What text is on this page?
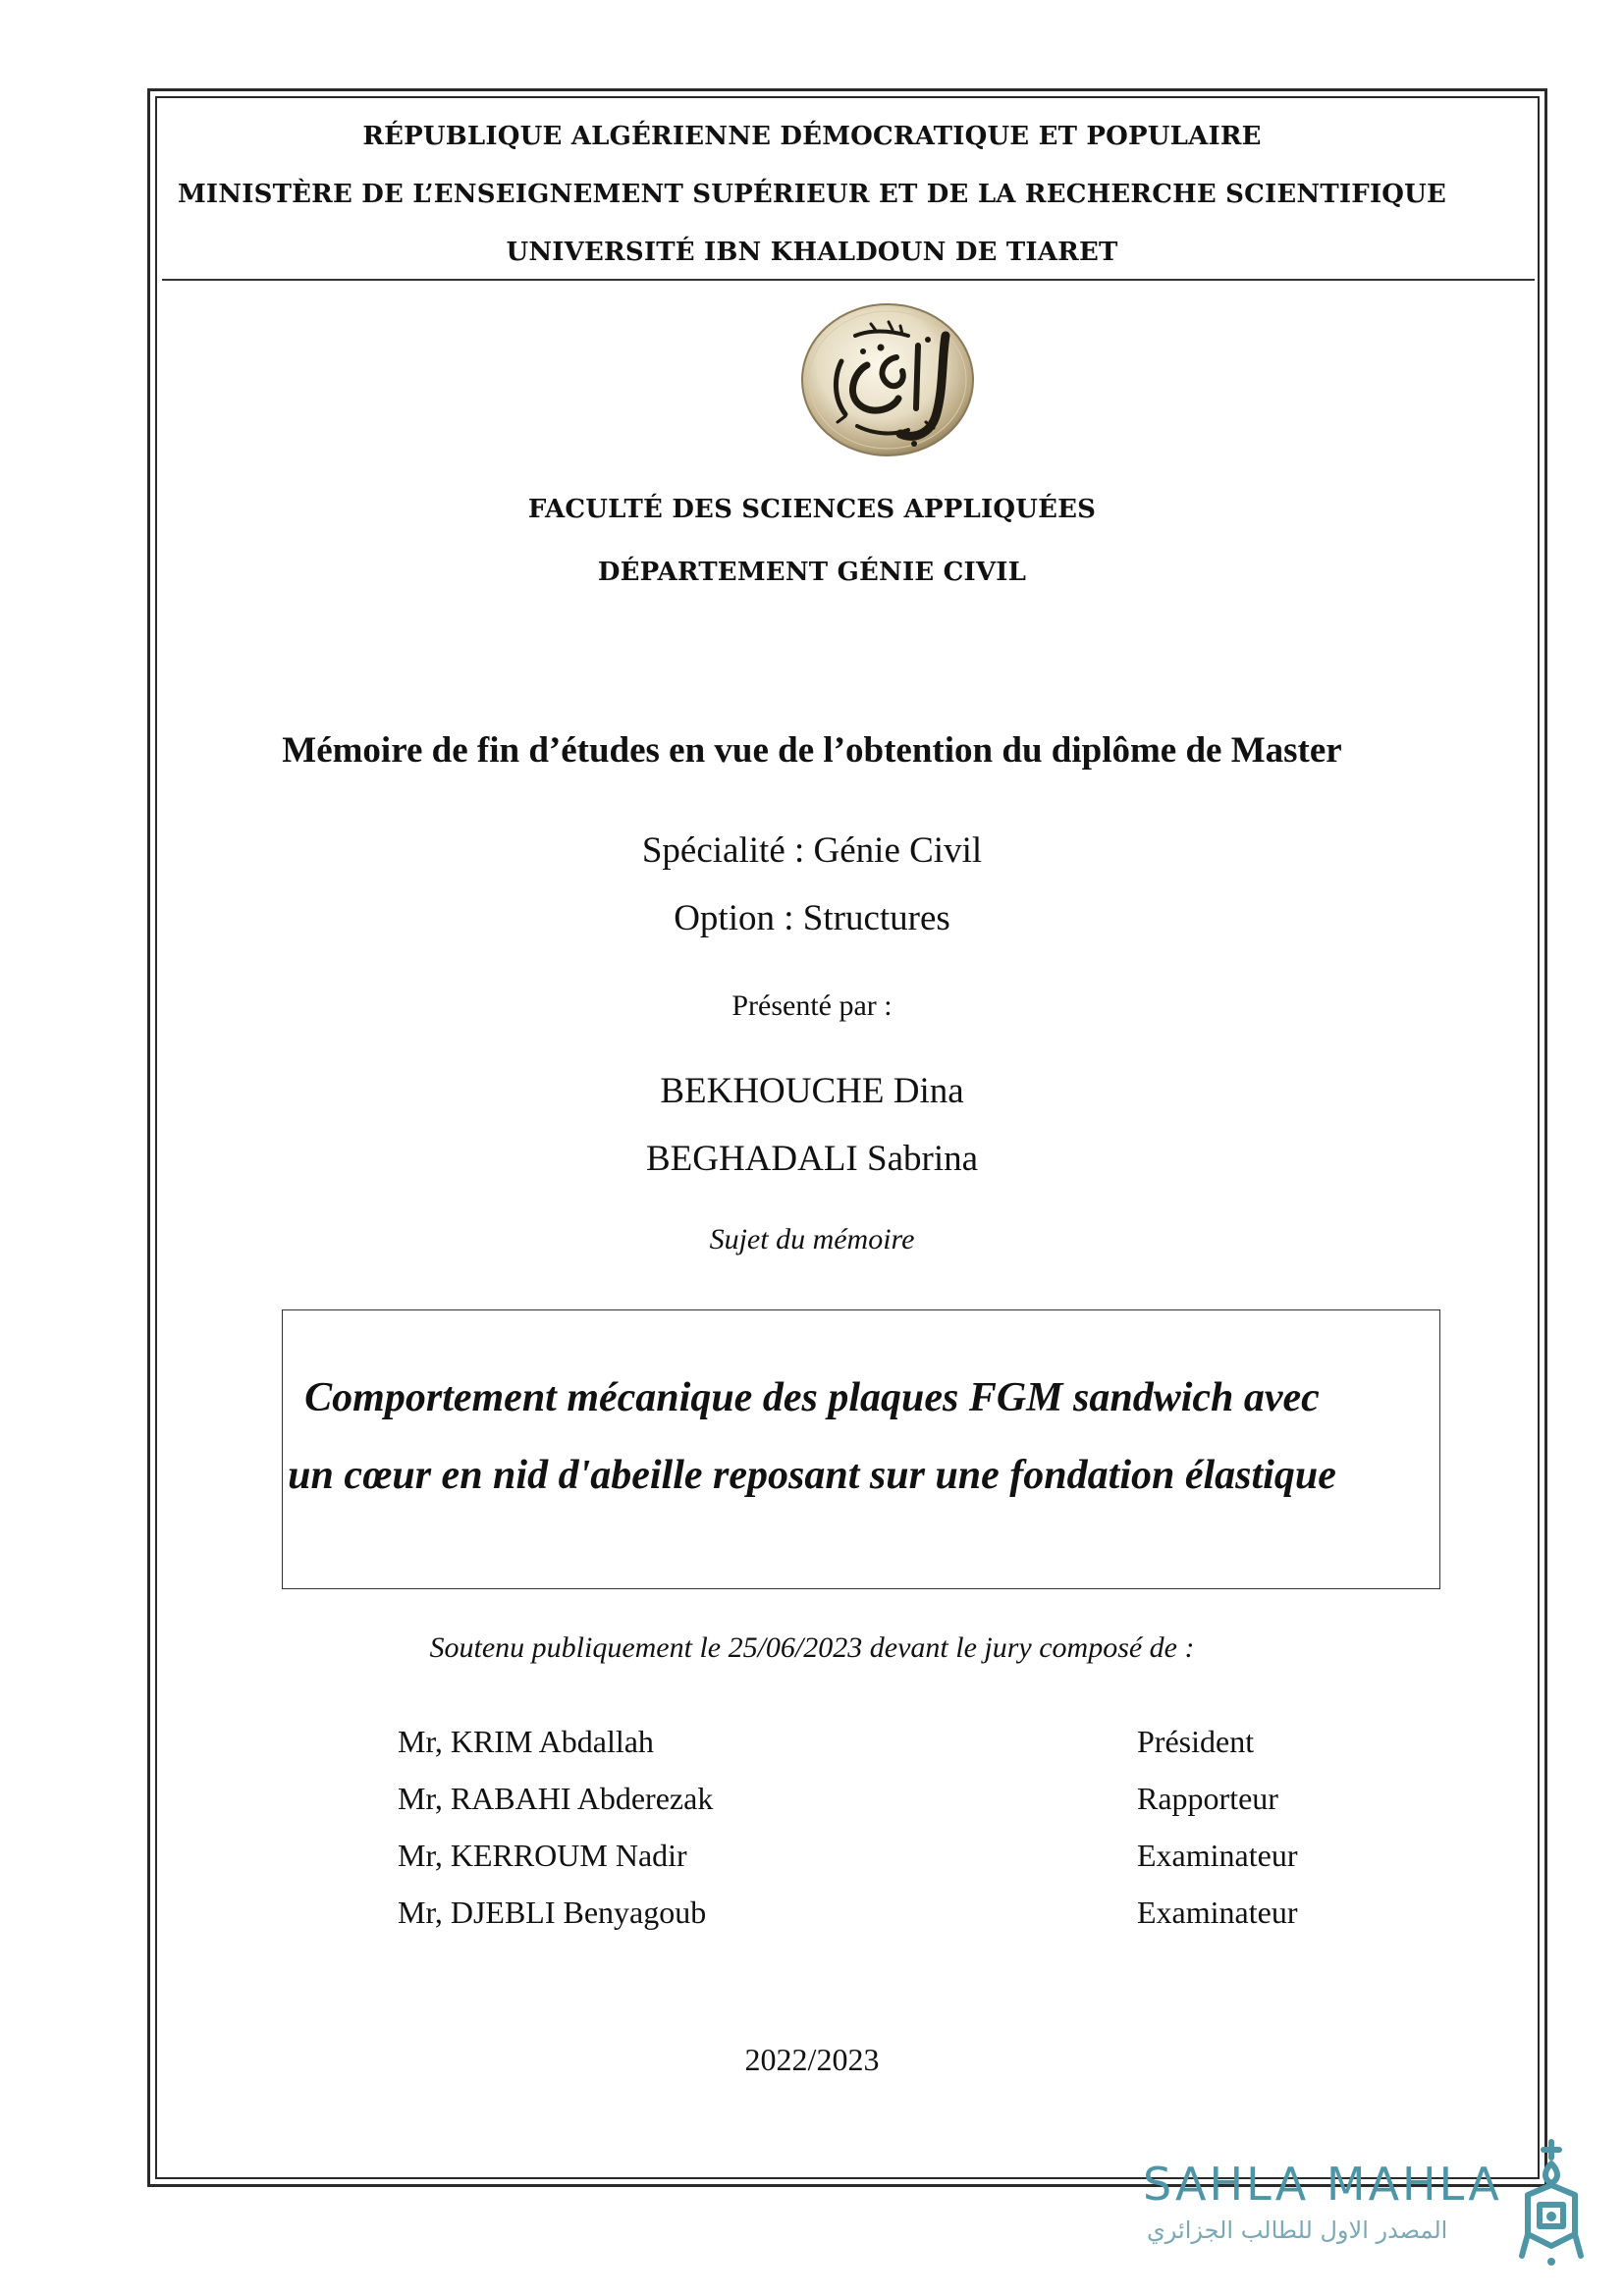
RÉPUBLIQUE ALGÉRIENNE DÉMOCRATIQUE ET POPULAIRE
MINISTÈRE DE L’ENSEIGNEMENT SUPÉRIEUR ET DE LA RECHERCHE SCIENTIFIQUE
UNIVERSITÉ IBN KHALDOUN DE TIARET
FACULTÉ DES SCIENCES APPLIQUÉES
DÉPARTEMENT GÉNIE CIVIL
Mémoire de fin d’études en vue de l’obtention du diplôme de Master
Spécialité : Génie Civil
Option : Structures
Présenté par :
BEKHOUCHE Dina
BEGHADALI Sabrina
Sujet du mémoire
Comportement mécanique des plaques FGM sandwich avec
un cœur en nid d'abeille reposant sur une fondation élastique
Soutenu publiquement le 25/06/2023 devant le jury composé de :
Mr, KRIM Abdallah	Président
Mr, RABAHI Abderezak	Rapporteur
Mr, KERROUM Nadir	Examinateur
Mr, DJEBLI Benyagoub	Examinateur
2022/2023
SAHLA MAHLA
المصدر الاول للطالب الجزائري
